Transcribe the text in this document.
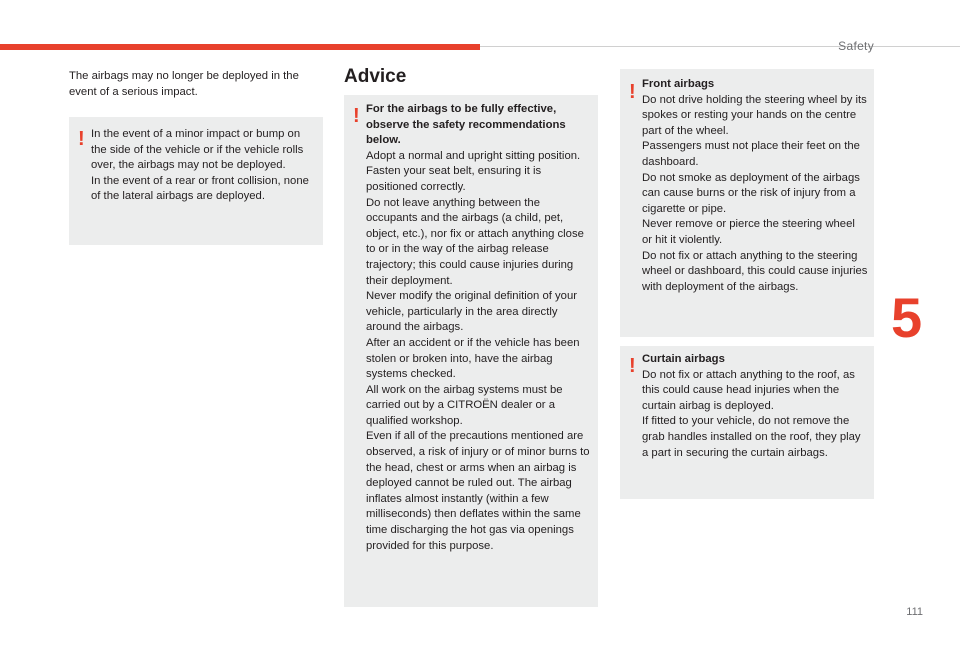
Safety
The airbags may no longer be deployed in the event of a serious impact.
! In the event of a minor impact or bump on the side of the vehicle or if the vehicle rolls over, the airbags may not be deployed.

In the event of a rear or front collision, none of the lateral airbags are deployed.

Advice
! For the airbags to be fully effective, observe the safety recommendations below.

Adopt a normal and upright sitting position.

Fasten your seat belt, ensuring it is positioned correctly.

Do not leave anything between the occupants and the airbags (a child, pet, object, etc.), nor fix or attach anything close to or in the way of the airbag release trajectory; this could cause injuries during their deployment.

Never modify the original definition of your vehicle, particularly in the area directly around the airbags.

After an accident or if the vehicle has been stolen or broken into, have the airbag systems checked.

All work on the airbag systems must be carried out by a CITROËN dealer or a qualified workshop.

Even if all of the precautions mentioned are observed, a risk of injury or of minor burns to the head, chest or arms when an airbag is deployed cannot be ruled out. The airbag inflates almost instantly (within a few milliseconds) then deflates within the same time discharging the hot gas via openings provided for this purpose.

! Front airbags

Do not drive holding the steering wheel by its spokes or resting your hands on the centre part of the wheel.

Passengers must not place their feet on the dashboard.

Do not smoke as deployment of the airbags can cause burns or the risk of injury from a cigarette or pipe.

Never remove or pierce the steering wheel or hit it violently.

Do not fix or attach anything to the steering wheel or dashboard, this could cause injuries with deployment of the airbags.

! Curtain airbags

Do not fix or attach anything to the roof, as this could cause head injuries when the curtain airbag is deployed.

If fitted to your vehicle, do not remove the grab handles installed on the roof, they play a part in securing the curtain airbags.

5
111
